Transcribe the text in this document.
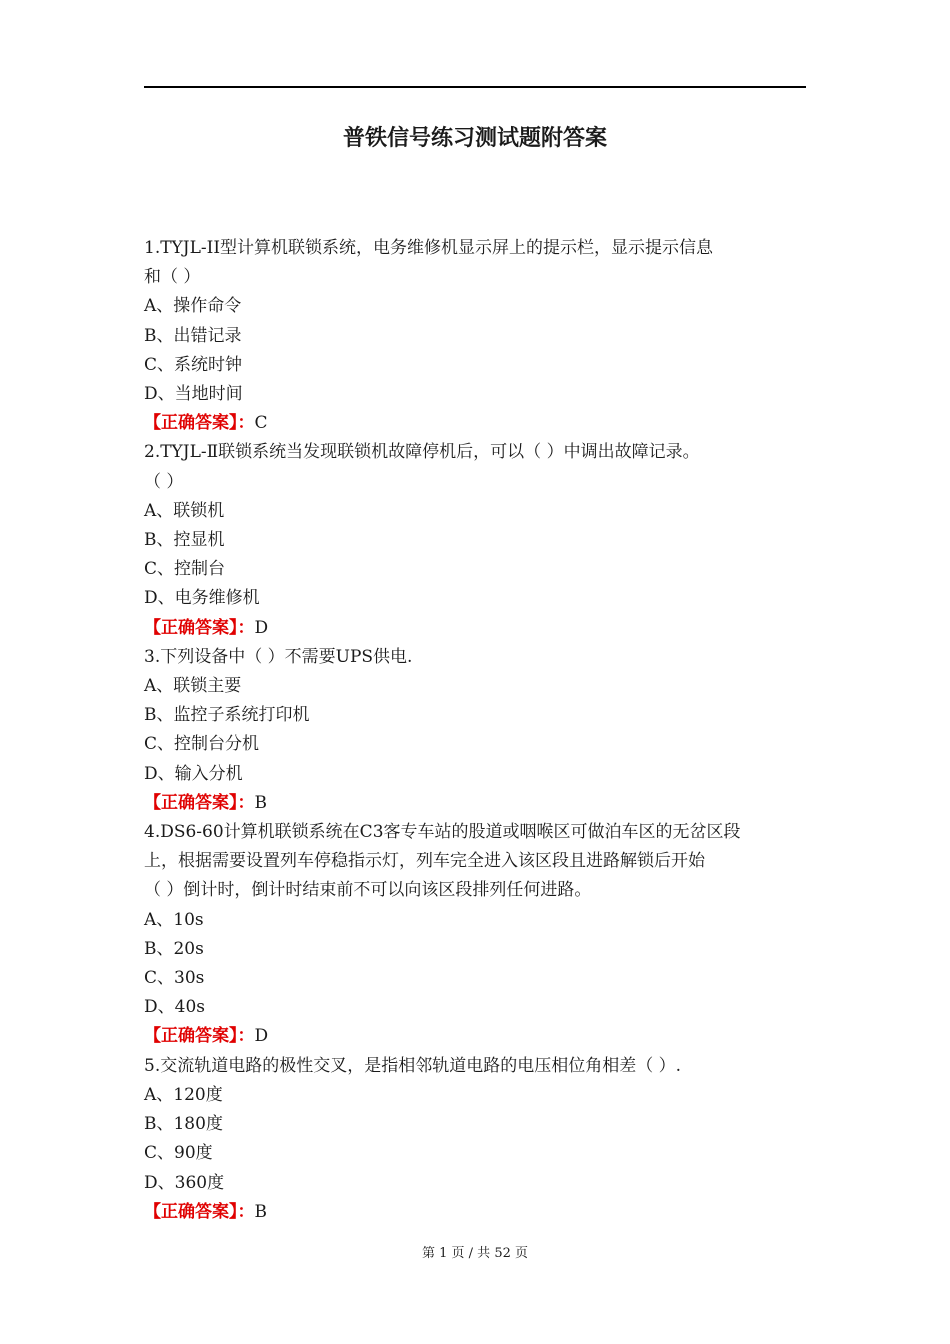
普铁信号练习测试题附答案

1.TYJL-II型计算机联锁系统，电务维修机显示屏上的提示栏，显示提示信息

和（ ）

A、操作命令

B、出错记录

C、系统时钟

D、当地时间

【正确答案】：C

2.TYJL-Ⅱ联锁系统当发现联锁机故障停机后，可以（ ）中调出故障记录。

（ ）

A、联锁机

B、控显机

C、控制台

D、电务维修机

【正确答案】：D

3.下列设备中（ ）不需要UPS供电.

A、联锁主要

B、监控子系统打印机

C、控制台分机

D、输入分机

【正确答案】：B

4.DS6-60计算机联锁系统在C3客专车站的股道或咽喉区可做泊车区的无岔区段

上，根据需要设置列车停稳指示灯，列车完全进入该区段且进路解锁后开始

（ ）倒计时，倒计时结束前不可以向该区段排列任何进路。

A、10s

B、20s

C、30s

D、40s

【正确答案】：D

5.交流轨道电路的极性交叉，是指相邻轨道电路的电压相位角相差（ ）.

A、120度

B、180度

C、90度

D、360度

【正确答案】：B

第 1 页 / 共 52 页
